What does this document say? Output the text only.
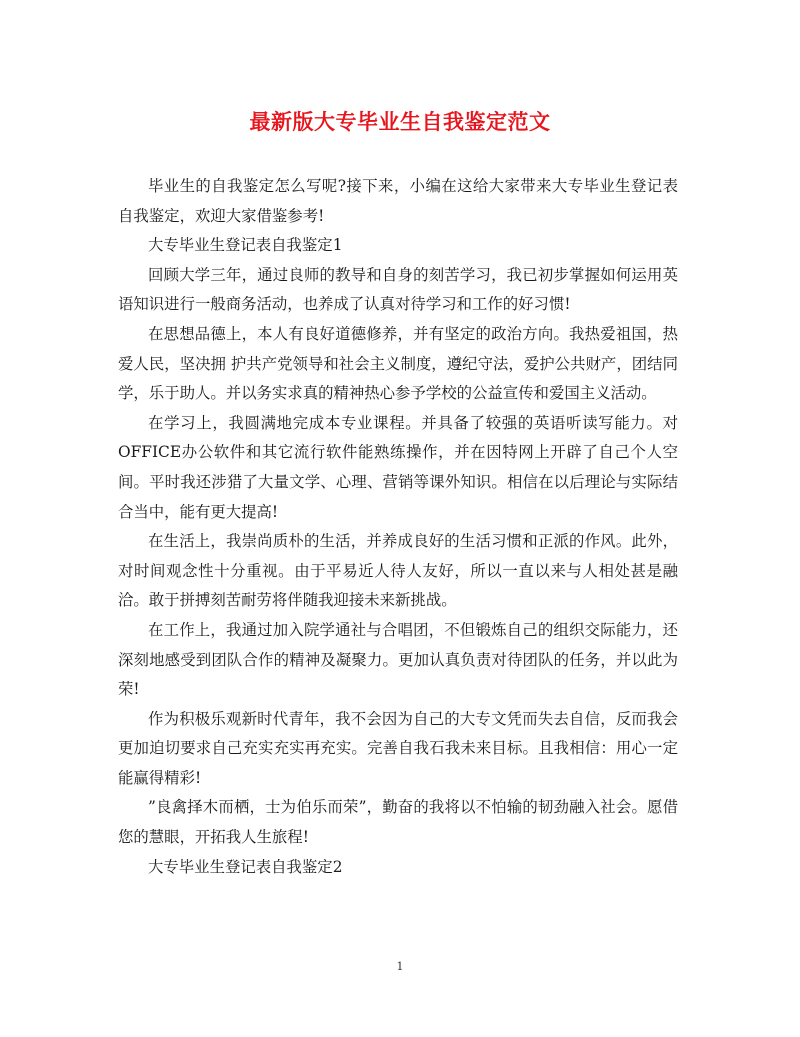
最新版大专毕业生自我鉴定范文

毕业生的自我鉴定怎么写呢?接下来，小编在这给大家带来大专毕业生登记表自我鉴定，欢迎大家借鉴参考!

大专毕业生登记表自我鉴定1

回顾大学三年，通过良师的教导和自身的刻苦学习，我已初步掌握如何运用英语知识进行一般商务活动，也养成了认真对待学习和工作的好习惯!

在思想品德上，本人有良好道德修养，并有坚定的政治方向。我热爱祖国，热爱人民，坚决拥 护共产党领导和社会主义制度，遵纪守法，爱护公共财产，团结同学，乐于助人。并以务实求真的精神热心参予学校的公益宣传和爱国主义活动。

在学习上，我圆满地完成本专业课程。并具备了较强的英语听读写能力。对OFFICE办公软件和其它流行软件能熟练操作，并在因特网上开辟了自己个人空间。平时我还涉猎了大量文学、心理、营销等课外知识。相信在以后理论与实际结合当中，能有更大提高!

在生活上，我崇尚质朴的生活，并养成良好的生活习惯和正派的作风。此外，对时间观念性十分重视。由于平易近人待人友好，所以一直以来与人相处甚是融洽。敢于拼搏刻苦耐劳将伴随我迎接未来新挑战。

在工作上，我通过加入院学通社与合唱团，不但锻炼自己的组织交际能力，还深刻地感受到团队合作的精神及凝聚力。更加认真负责对待团队的任务，并以此为荣!

作为积极乐观新时代青年，我不会因为自己的大专文凭而失去自信，反而我会更加迫切要求自己充实充实再充实。完善自我石我未来目标。且我相信：用心一定能赢得精彩!

”良禽择木而栖，士为伯乐而荣”，勤奋的我将以不怕输的韧劲融入社会。愿借您的慧眼，开拓我人生旅程!

大专毕业生登记表自我鉴定2

1
